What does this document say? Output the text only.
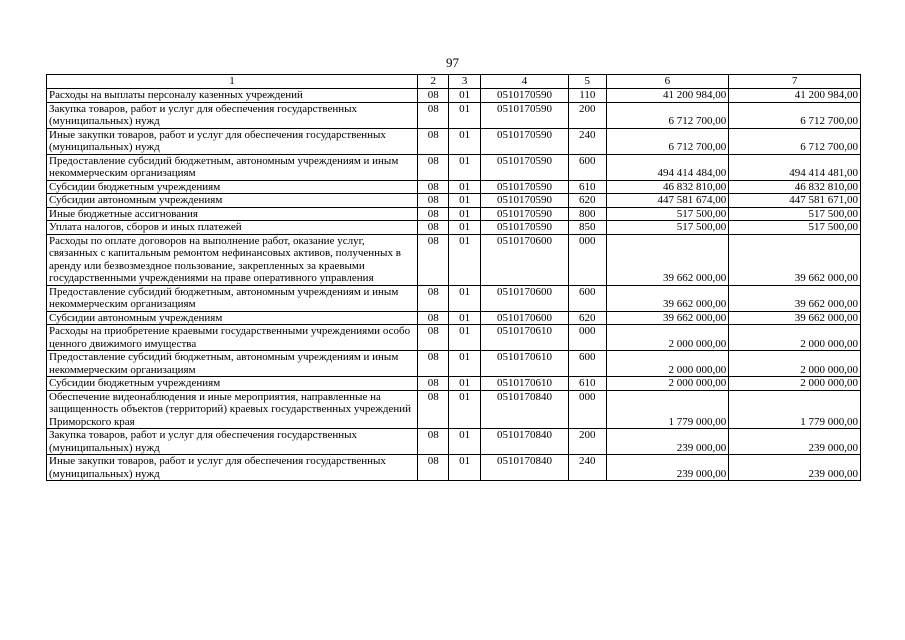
97
1	2	3	4	5	6	7
Расходы на выплаты персоналу казенных учреждений	08	01	0510170590	110	41 200 984,00	41 200 984,00
Закупка товаров, работ и услуг для обеспечения государственных (муниципальных) нужд	08	01	0510170590	200	6 712 700,00	6 712 700,00
Иные закупки товаров, работ и услуг для обеспечения государственных (муниципальных) нужд	08	01	0510170590	240	6 712 700,00	6 712 700,00
Предоставление субсидий бюджетным, автономным учреждениям и иным некоммерческим организациям	08	01	0510170590	600	494 414 484,00	494 414 481,00
Субсидии бюджетным учреждениям	08	01	0510170590	610	46 832 810,00	46 832 810,00
Субсидии автономным учреждениям	08	01	0510170590	620	447 581 674,00	447 581 671,00
Иные бюджетные ассигнования	08	01	0510170590	800	517 500,00	517 500,00
Уплата налогов, сборов и иных платежей	08	01	0510170590	850	517 500,00	517 500,00
Расходы по оплате договоров на выполнение работ, оказание услуг, связанных с капитальным ремонтом нефинансовых активов, полученных в аренду или безвозмездное пользование, закрепленных за краевыми государственными учреждениями на праве оперативного управления	08	01	0510170600	000	39 662 000,00	39 662 000,00
Предоставление субсидий бюджетным, автономным учреждениям и иным некоммерческим организациям	08	01	0510170600	600	39 662 000,00	39 662 000,00
Субсидии автономным учреждениям	08	01	0510170600	620	39 662 000,00	39 662 000,00
Расходы на приобретение краевыми государственными учреждениями особо ценного движимого имущества	08	01	0510170610	000	2 000 000,00	2 000 000,00
Предоставление субсидий бюджетным, автономным учреждениям и иным некоммерческим организациям	08	01	0510170610	600	2 000 000,00	2 000 000,00
Субсидии бюджетным учреждениям	08	01	0510170610	610	2 000 000,00	2 000 000,00
Обеспечение видеонаблюдения и иные мероприятия, направленные на защищенность объектов (территорий) краевых государственных учреждений Приморского края	08	01	0510170840	000	1 779 000,00	1 779 000,00
Закупка товаров, работ и услуг для обеспечения государственных (муниципальных) нужд	08	01	0510170840	200	239 000,00	239 000,00
Иные закупки товаров, работ и услуг для обеспечения государственных (муниципальных) нужд	08	01	0510170840	240	239 000,00	239 000,00
